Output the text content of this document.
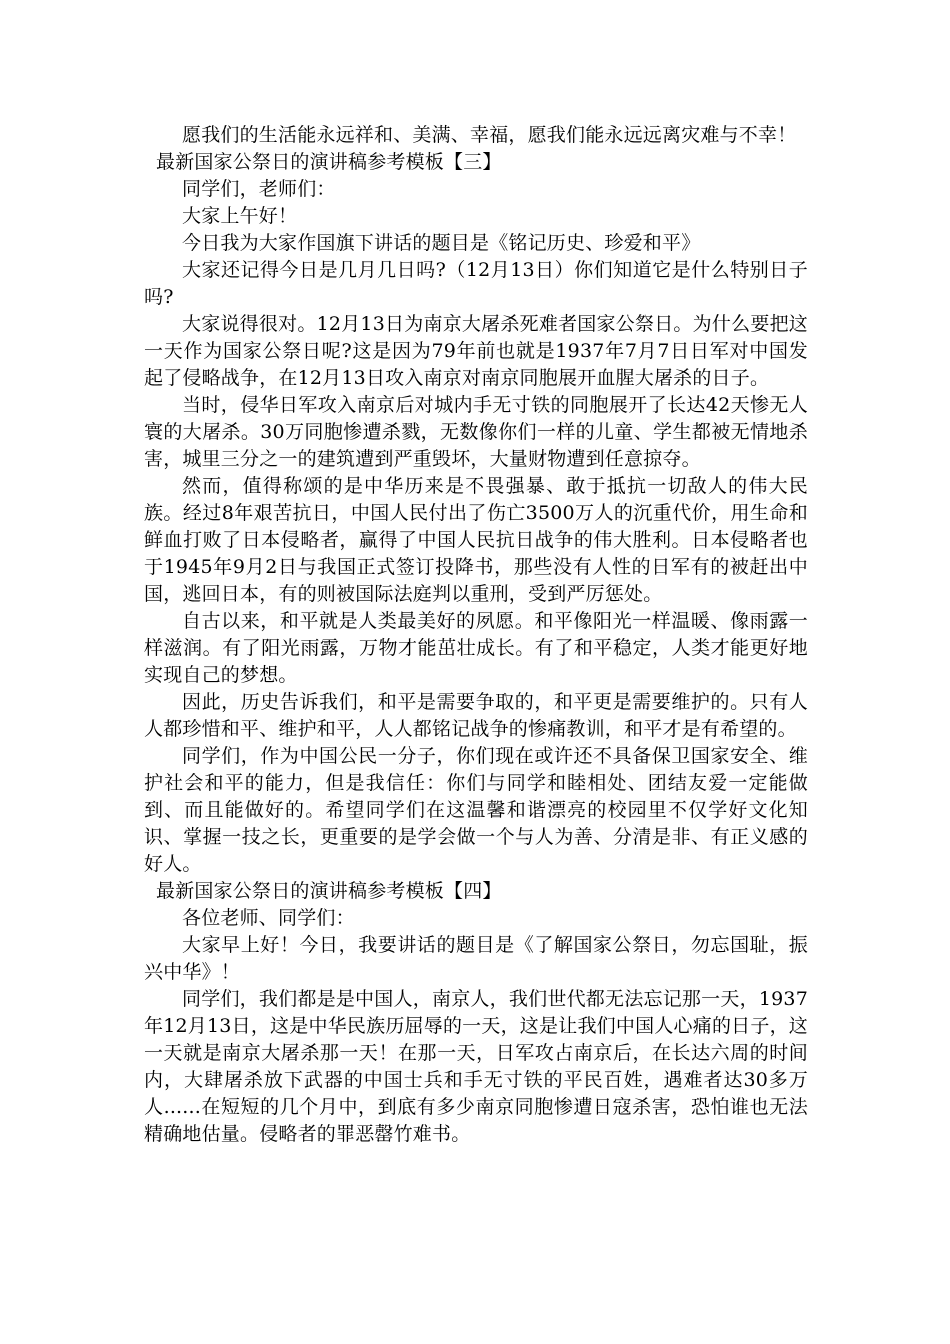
愿我们的生活能永远祥和、美满、幸福，愿我们能永远远离灾难与不幸！

最新国家公祭日的演讲稿参考模板【三】

同学们，老师们：

大家上午好！

今日我为大家作国旗下讲话的题目是《铭记历史、珍爱和平》

大家还记得今日是几月几日吗?（12月13日）你们知道它是什么特别日子吗?

大家说得很对。12月13日为南京大屠杀死难者国家公祭日。为什么要把这一天作为国家公祭日呢?这是因为79年前也就是1937年7月7日日军对中国发起了侵略战争，在12月13日攻入南京对南京同胞展开血腥大屠杀的日子。

当时，侵华日军攻入南京后对城内手无寸铁的同胞展开了长达42天惨无人寰的大屠杀。30万同胞惨遭杀戮，无数像你们一样的儿童、学生都被无情地杀害，城里三分之一的建筑遭到严重毁坏，大量财物遭到任意掠夺。

然而，值得称颂的是中华历来是不畏强暴、敢于抵抗一切敌人的伟大民族。经过8年艰苦抗日，中国人民付出了伤亡3500万人的沉重代价，用生命和鲜血打败了日本侵略者，赢得了中国人民抗日战争的伟大胜利。日本侵略者也于1945年9月2日与我国正式签订投降书，那些没有人性的日军有的被赶出中国，逃回日本，有的则被国际法庭判以重刑，受到严厉惩处。

自古以来，和平就是人类最美好的夙愿。和平像阳光一样温暖、像雨露一样滋润。有了阳光雨露，万物才能茁壮成长。有了和平稳定，人类才能更好地实现自己的梦想。

因此，历史告诉我们，和平是需要争取的，和平更是需要维护的。只有人人都珍惜和平、维护和平，人人都铭记战争的惨痛教训，和平才是有希望的。

同学们，作为中国公民一分子，你们现在或许还不具备保卫国家安全、维护社会和平的能力，但是我信任：你们与同学和睦相处、团结友爱一定能做到、而且能做好的。希望同学们在这温馨和谐漂亮的校园里不仅学好文化知识、掌握一技之长，更重要的是学会做一个与人为善、分清是非、有正义感的好人。

最新国家公祭日的演讲稿参考模板【四】

各位老师、同学们：

大家早上好！今日，我要讲话的题目是《了解国家公祭日，勿忘国耻，振兴中华》！

同学们，我们都是是中国人，南京人，我们世代都无法忘记那一天，1937年12月13日，这是中华民族历屈辱的一天，这是让我们中国人心痛的日子，这一天就是南京大屠杀那一天！在那一天，日军攻占南京后，在长达六周的时间内，大肆屠杀放下武器的中国士兵和手无寸铁的平民百姓，遇难者达30多万人......在短短的几个月中，到底有多少南京同胞惨遭日寇杀害，恐怕谁也无法精确地估量。侵略者的罪恶罄竹难书。
